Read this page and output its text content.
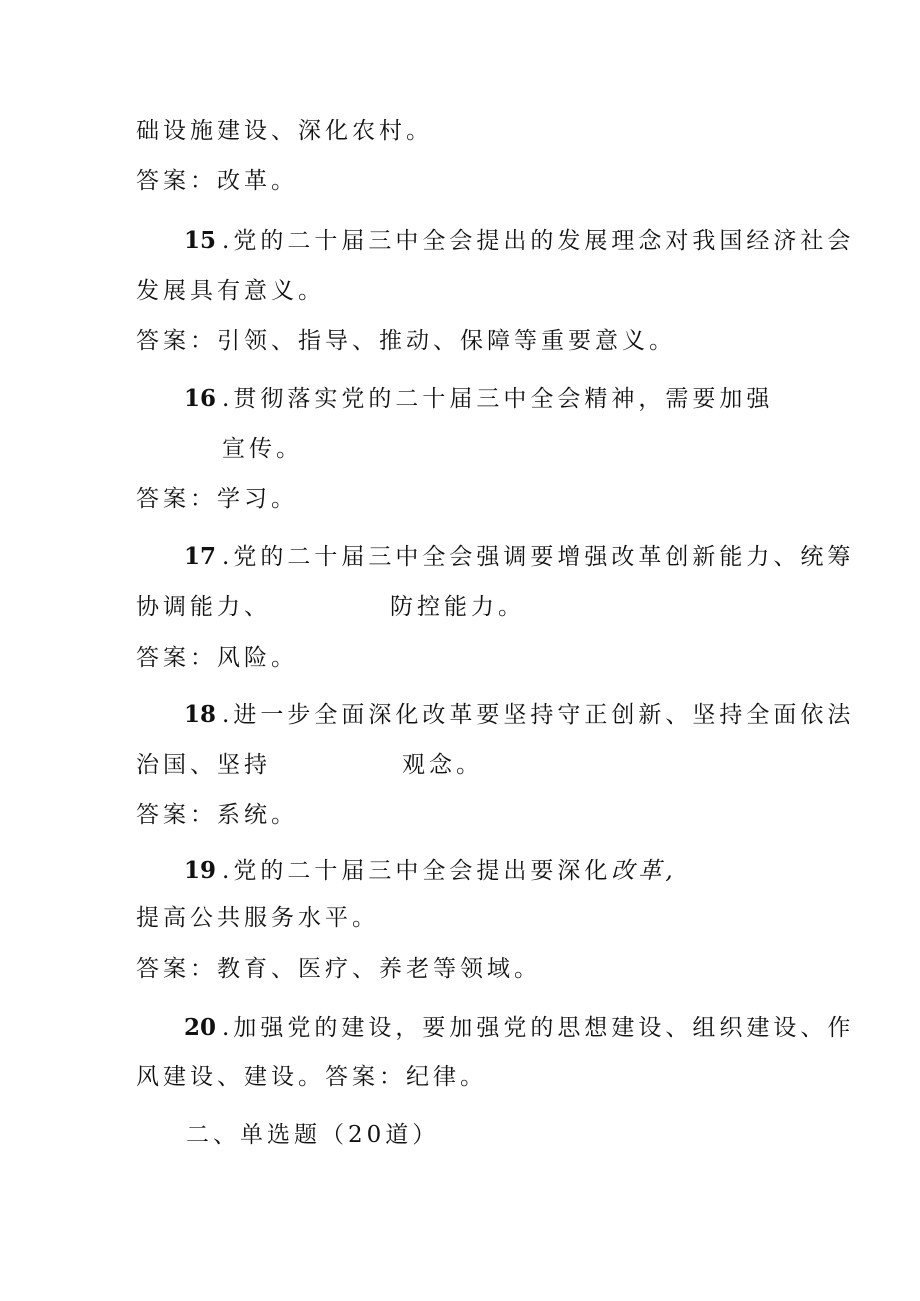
础设施建设、深化农村。
答案：改革。
15 . 党的二十届三中全会提出的发展理念对我国经济社会
发展具有意义。
答案：引领、指导、推动、保障等重要意义。
16 . 贯彻落实党的二十届三中全会精神，需要加强
宣传。
答案：学习。
17 . 党的二十届三中全会强调要增强改革创新能力、统筹
协调能力、	防控能力。
答案：风险。
18 . 进一步全面深化改革要坚持守正创新、坚持全面依法
治国、坚持	观念。
答案：系统。
19 . 党的二十届三中全会提出要深化改革,
提高公共服务水平。
答案：教育、医疗、养老等领域。
20 . 加强党的建设，要加强党的思想建设、组织建设、作
风建设、建设。答案：纪律。
二、单选题（20道）
